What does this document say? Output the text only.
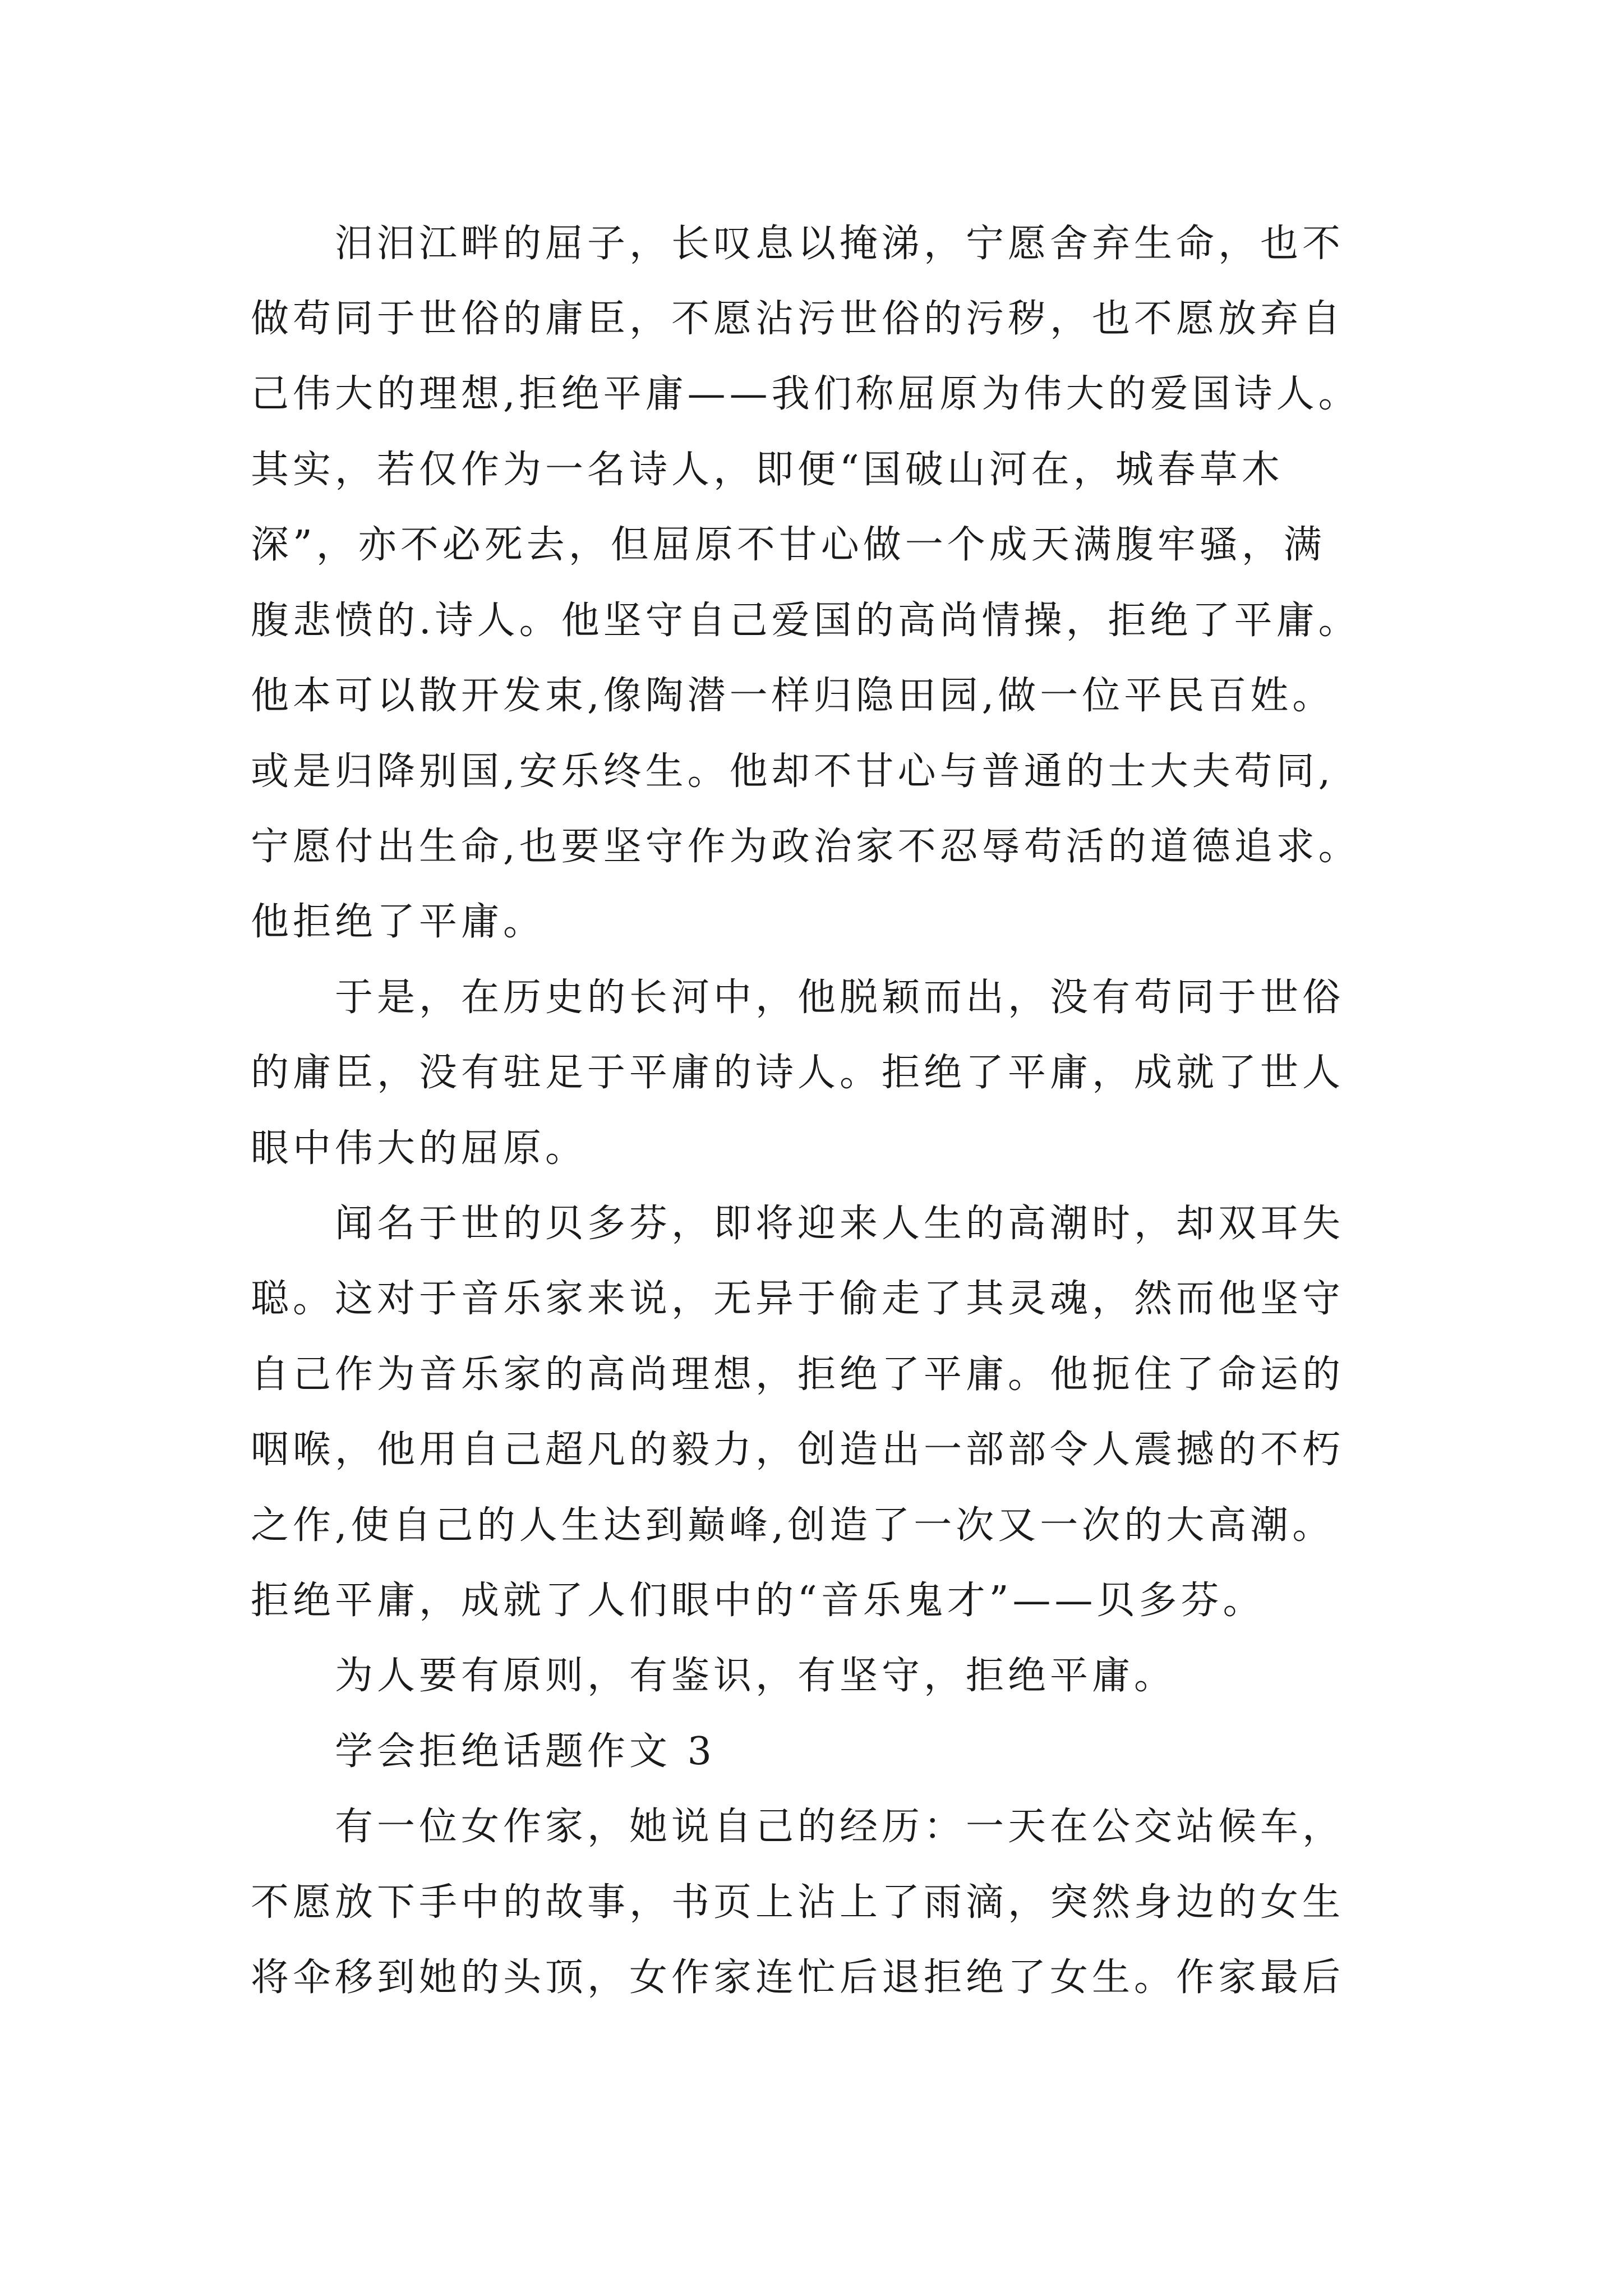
汨汨江畔的屈子，长叹息以掩涕，宁愿舍弃生命，也不
做苟同于世俗的庸臣，不愿沾污世俗的污秽，也不愿放弃自
己伟大的理想,拒绝平庸——我们称屈原为伟大的爱国诗人。
其实，若仅作为一名诗人，即便“国破山河在，城春草木
深”，亦不必死去，但屈原不甘心做一个成天满腹牢骚，满
腹悲愤的.诗人。他坚守自己爱国的高尚情操，拒绝了平庸。
他本可以散开发束,像陶潜一样归隐田园,做一位平民百姓。
或是归降别国,安乐终生。他却不甘心与普通的士大夫苟同,
宁愿付出生命,也要坚守作为政治家不忍辱苟活的道德追求。
他拒绝了平庸。
于是，在历史的长河中，他脱颖而出，没有苟同于世俗
的庸臣，没有驻足于平庸的诗人。拒绝了平庸，成就了世人
眼中伟大的屈原。
闻名于世的贝多芬，即将迎来人生的高潮时，却双耳失
聪。这对于音乐家来说，无异于偷走了其灵魂，然而他坚守
自己作为音乐家的高尚理想，拒绝了平庸。他扼住了命运的
咽喉，他用自己超凡的毅力，创造出一部部令人震撼的不朽
之作,使自己的人生达到巅峰,创造了一次又一次的大高潮。
拒绝平庸，成就了人们眼中的“音乐鬼才”——贝多芬。
为人要有原则，有鉴识，有坚守，拒绝平庸。
学会拒绝话题作文 3
有一位女作家，她说自己的经历：一天在公交站候车，
不愿放下手中的故事，书页上沾上了雨滴，突然身边的女生
将伞移到她的头顶，女作家连忙后退拒绝了女生。作家最后
